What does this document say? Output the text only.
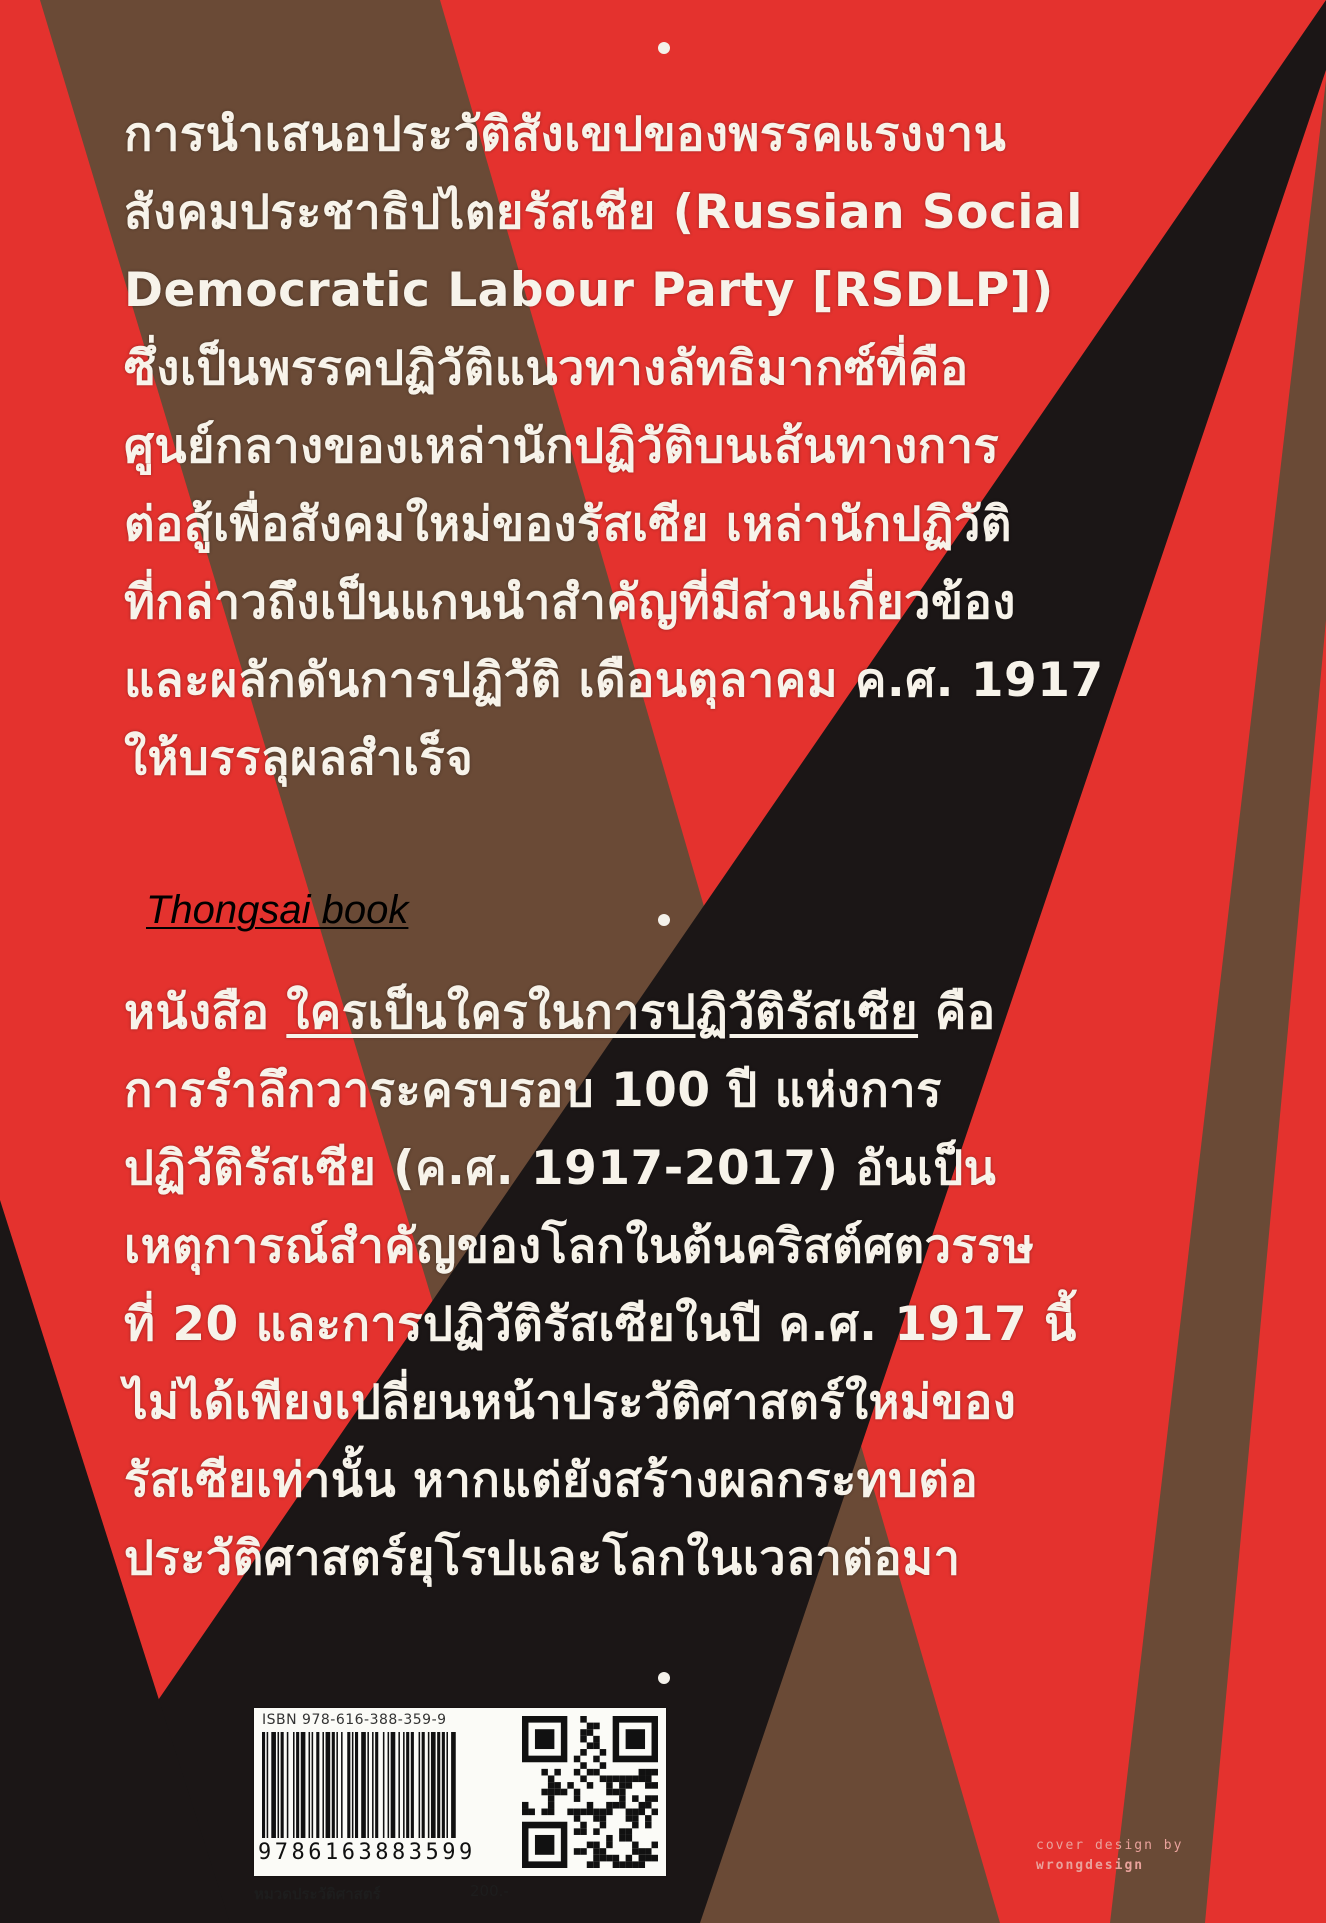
การนำเสนอประวัติสังเขปของพรรคแรงงาน
สังคมประชาธิปไตยรัสเซีย (Russian Social
Democratic Labour Party [RSDLP])
ซึ่งเป็นพรรคปฏิวัติแนวทางลัทธิมากซ์ที่คือ
ศูนย์กลางของเหล่านักปฏิวัติบนเส้นทางการ
ต่อสู้เพื่อสังคมใหม่ของรัสเซีย เหล่านักปฏิวัติ
ที่กล่าวถึงเป็นแกนนำสำคัญที่มีส่วนเกี่ยวข้อง
และผลักดันการปฏิวัติ เดือนตุลาคม ค.ศ. 1917
ให้บรรลุผลสำเร็จ
Thongsai book
หนังสือ ใครเป็นใครในการปฏิวัติรัสเซีย คือ
การรำลึกวาระครบรอบ 100 ปี แห่งการ
ปฏิวัติรัสเซีย (ค.ศ. 1917-2017) อันเป็น
เหตุการณ์สำคัญของโลกในต้นคริสต์ศตวรรษ
ที่ 20 และการปฏิวัติรัสเซียในปี ค.ศ. 1917 นี้
ไม่ได้เพียงเปลี่ยนหน้าประวัติศาสตร์ใหม่ของ
รัสเซียเท่านั้น หากแต่ยังสร้างผลกระทบต่อ
ประวัติศาสตร์ยุโรปและโลกในเวลาต่อมา
ISBN 978-616-388-359-9
9786163883599
หมวดประวัติศาสตร์	200.-
cover design by
wrongdesign
